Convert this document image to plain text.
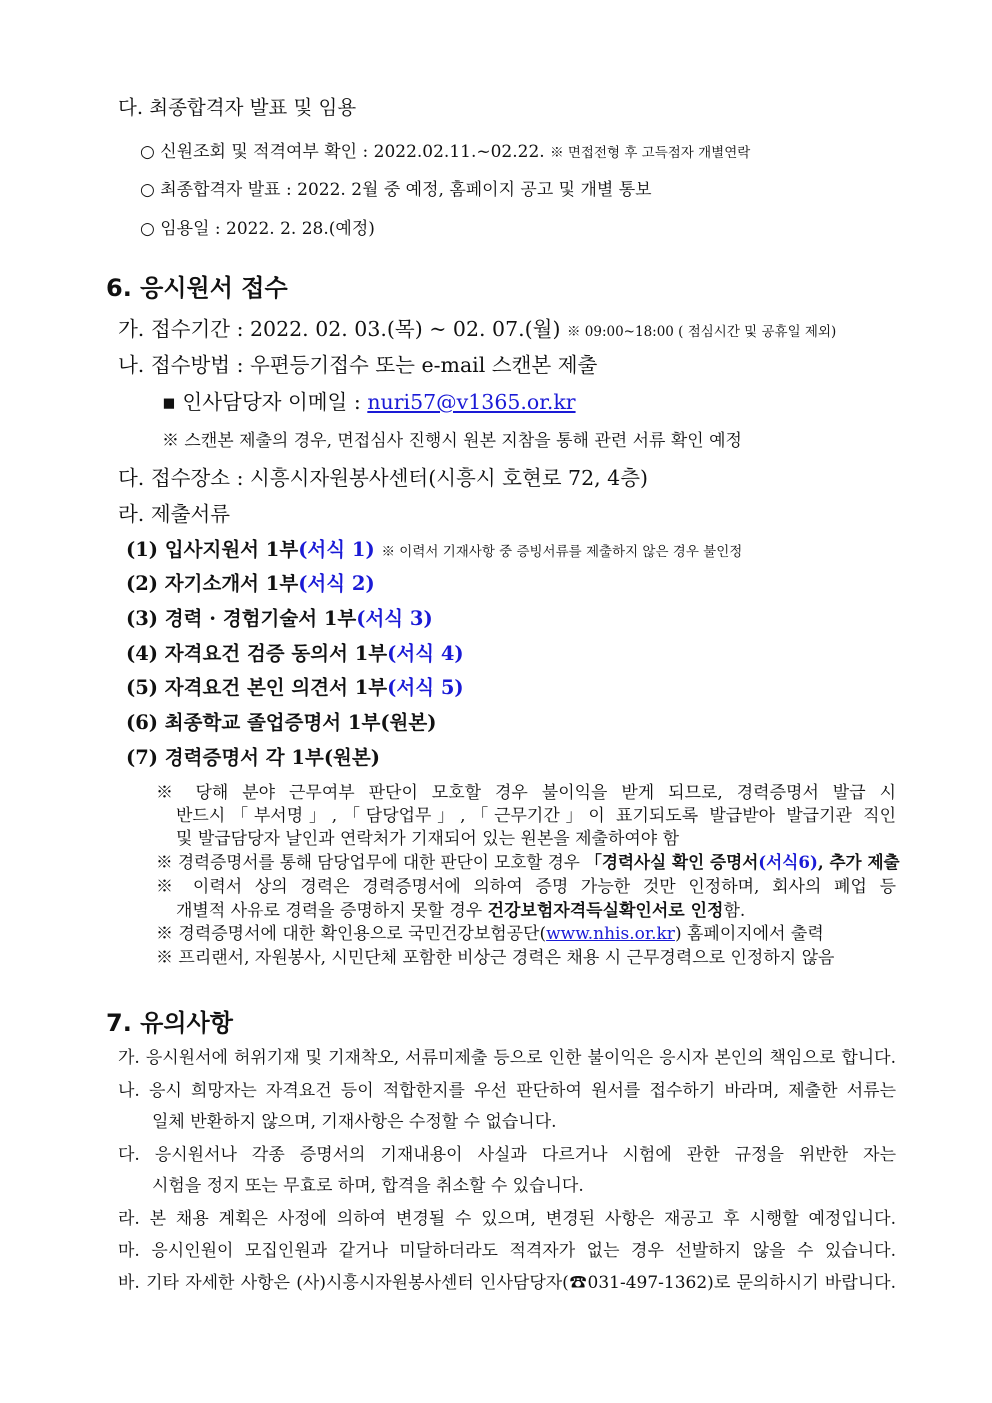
다. 최종합격자 발표 및 임용
○ 신원조회 및 적격여부 확인 : 2022.02.11.~02.22. ※ 면접전형 후 고득점자 개별연락
○ 최종합격자 발표 : 2022. 2월 중 예정, 홈페이지 공고 및 개별 통보
○ 임용일 : 2022. 2. 28.(예정)
6. 응시원서 접수
가. 접수기간 : 2022. 02. 03.(목) ~ 02. 07.(월) ※ 09:00~18:00 ( 점심시간 및 공휴일 제외)
나. 접수방법 : 우편등기접수 또는 e-mail 스캔본 제출
▪ 인사담당자 이메일 : nuri57@v1365.or.kr
※ 스캔본 제출의 경우, 면접심사 진행시 원본 지참을 통해 관련 서류 확인 예정
다. 접수장소 : 시흥시자원봉사센터(시흥시 호현로 72, 4층)
라. 제출서류
(1) 입사지원서 1부(서식 1) ※ 이력서 기재사항 중 증빙서류를 제출하지 않은 경우 불인정
(2) 자기소개서 1부(서식 2)
(3) 경력 · 경험기술서 1부(서식 3)
(4) 자격요건 검증 동의서 1부(서식 4)
(5) 자격요건 본인 의견서 1부(서식 5)
(6) 최종학교 졸업증명서 1부(원본)
(7) 경력증명서 각 1부(원본)
※ 당해 분야 근무여부 판단이 모호할 경우 불이익을 받게 되므로, 경력증명서 발급 시
반드시「부서명」,「담당업무」,「근무기간」이 표기되도록 발급받아 발급기관 직인
및 발급담당자 날인과 연락처가 기재되어 있는 원본을 제출하여야 함
※ 경력증명서를 통해 담당업무에 대한 판단이 모호할 경우 「경력사실 확인 증명서(서식6), 추가 제출
※ 이력서 상의 경력은 경력증명서에 의하여 증명 가능한 것만 인정하며, 회사의 폐업 등
개별적 사유로 경력을 증명하지 못할 경우 건강보험자격득실확인서로 인정함.
※ 경력증명서에 대한 확인용으로 국민건강보험공단(www.nhis.or.kr) 홈페이지에서 출력
※ 프리랜서, 자원봉사, 시민단체 포함한 비상근 경력은 채용 시 근무경력으로 인정하지 않음
7. 유의사항
가. 응시원서에 허위기재 및 기재착오, 서류미제출 등으로 인한 불이익은 응시자 본인의 책임으로 합니다.
나. 응시 희망자는 자격요건 등이 적합한지를 우선 판단하여 원서를 접수하기 바라며, 제출한 서류는
일체 반환하지 않으며, 기재사항은 수정할 수 없습니다.
다. 응시원서나 각종 증명서의 기재내용이 사실과 다르거나 시험에 관한 규정을 위반한 자는
시험을 정지 또는 무효로 하며, 합격을 취소할 수 있습니다.
라. 본 채용 계획은 사정에 의하여 변경될 수 있으며, 변경된 사항은 재공고 후 시행할 예정입니다.
마. 응시인원이 모집인원과 같거나 미달하더라도 적격자가 없는 경우 선발하지 않을 수 있습니다.
바. 기타 자세한 사항은 (사)시흥시자원봉사센터 인사담당자(☎031-497-1362)로 문의하시기 바랍니다.
